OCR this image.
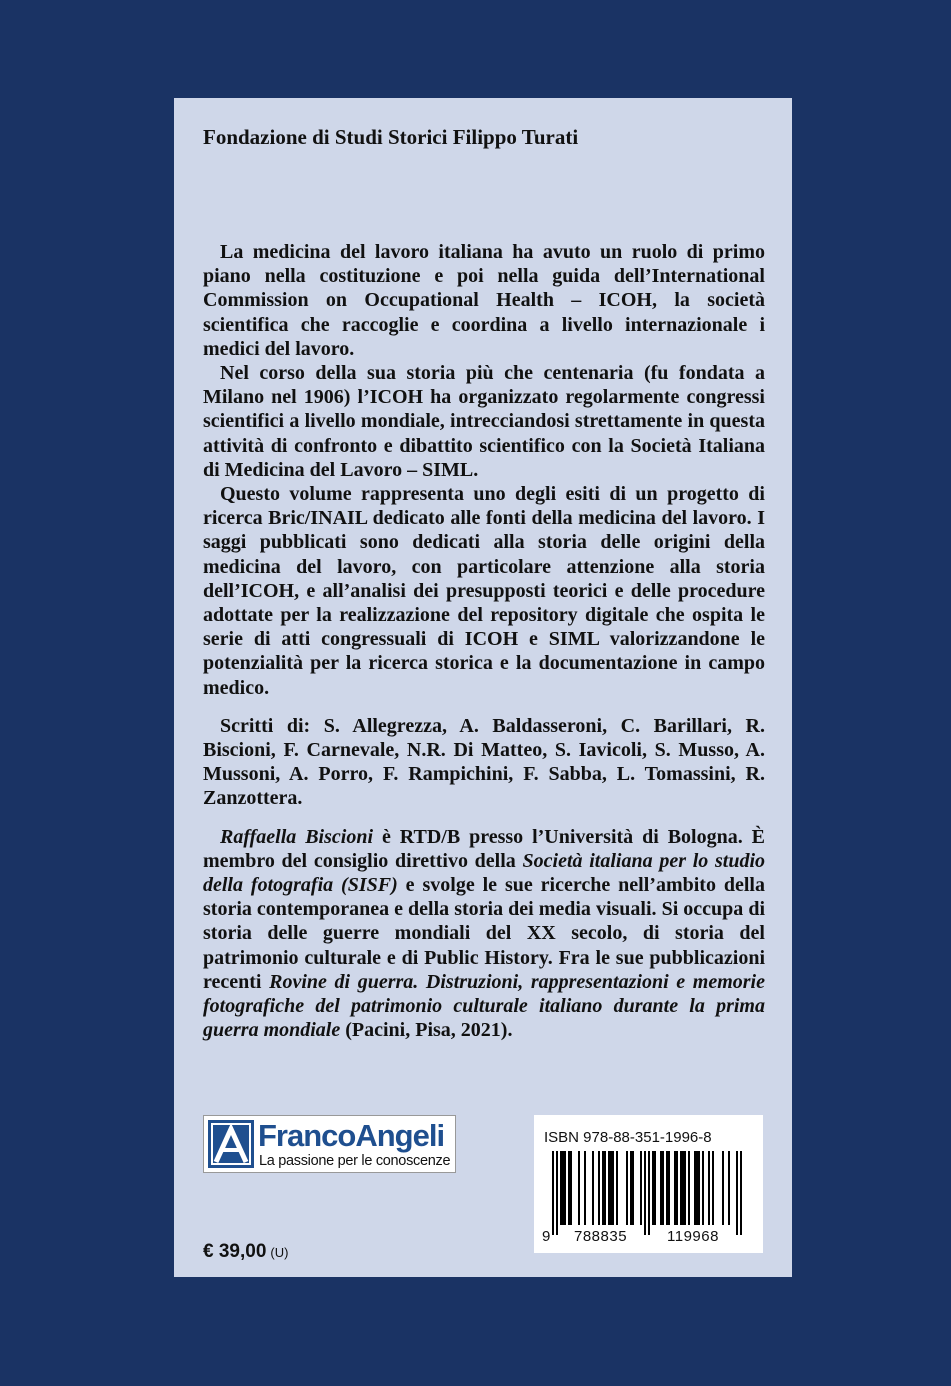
Fondazione di Studi Storici Filippo Turati

La medicina del lavoro italiana ha avuto un ruolo di primo piano nella costituzione e poi nella guida dell’International Commission on Occupational Health – ICOH, la società scientifica che raccoglie e coordina a livello internazionale i medici del lavoro.

Nel corso della sua storia più che centenaria (fu fondata a Milano nel 1906) l’ICOH ha organizzato regolarmente congressi scientifici a livello mondiale, intrecciandosi strettamente in questa attività di confronto e dibattito scientifico con la Società Italiana di Medicina del Lavoro – SIML.

Questo volume rappresenta uno degli esiti di un progetto di ricerca Bric/INAIL dedicato alle fonti della medicina del lavoro. I saggi pubblicati sono dedicati alla storia delle origini della medicina del lavoro, con particolare attenzione alla storia dell’ICOH, e all’analisi dei presupposti teorici e delle procedure adottate per la realizzazione del repository digitale che ospita le serie di atti congressuali di ICOH e SIML valorizzandone le potenzialità per la ricerca storica e la documentazione in campo medico.

Scritti di: S. Allegrezza, A. Baldasseroni, C. Barillari, R. Biscioni, F. Carnevale, N.R. Di Matteo, S. Iavicoli, S. Musso, A. Mussoni, A. Porro, F. Rampichini, F. Sabba, L. Tomassini, R. Zanzottera.

Raffaella Biscioni è RTD/B presso l’Università di Bologna. È membro del consiglio direttivo della Società italiana per lo studio della fotografia (SISF) e svolge le sue ricerche nell’ambito della storia contemporanea e della storia dei media visuali. Si occupa di storia delle guerre mondiali del XX secolo, di storia del patrimonio culturale e di Public History. Fra le sue pubblicazioni recenti Rovine di guerra. Distruzioni, rappresentazioni e memorie fotografiche del patrimonio culturale italiano durante la prima guerra mondiale (Pacini, Pisa, 2021).

FrancoAngeli
La passione per le conoscenze
ISBN 978-88-351-1996-8
9 788835	119968
€ 39,00 (U)
